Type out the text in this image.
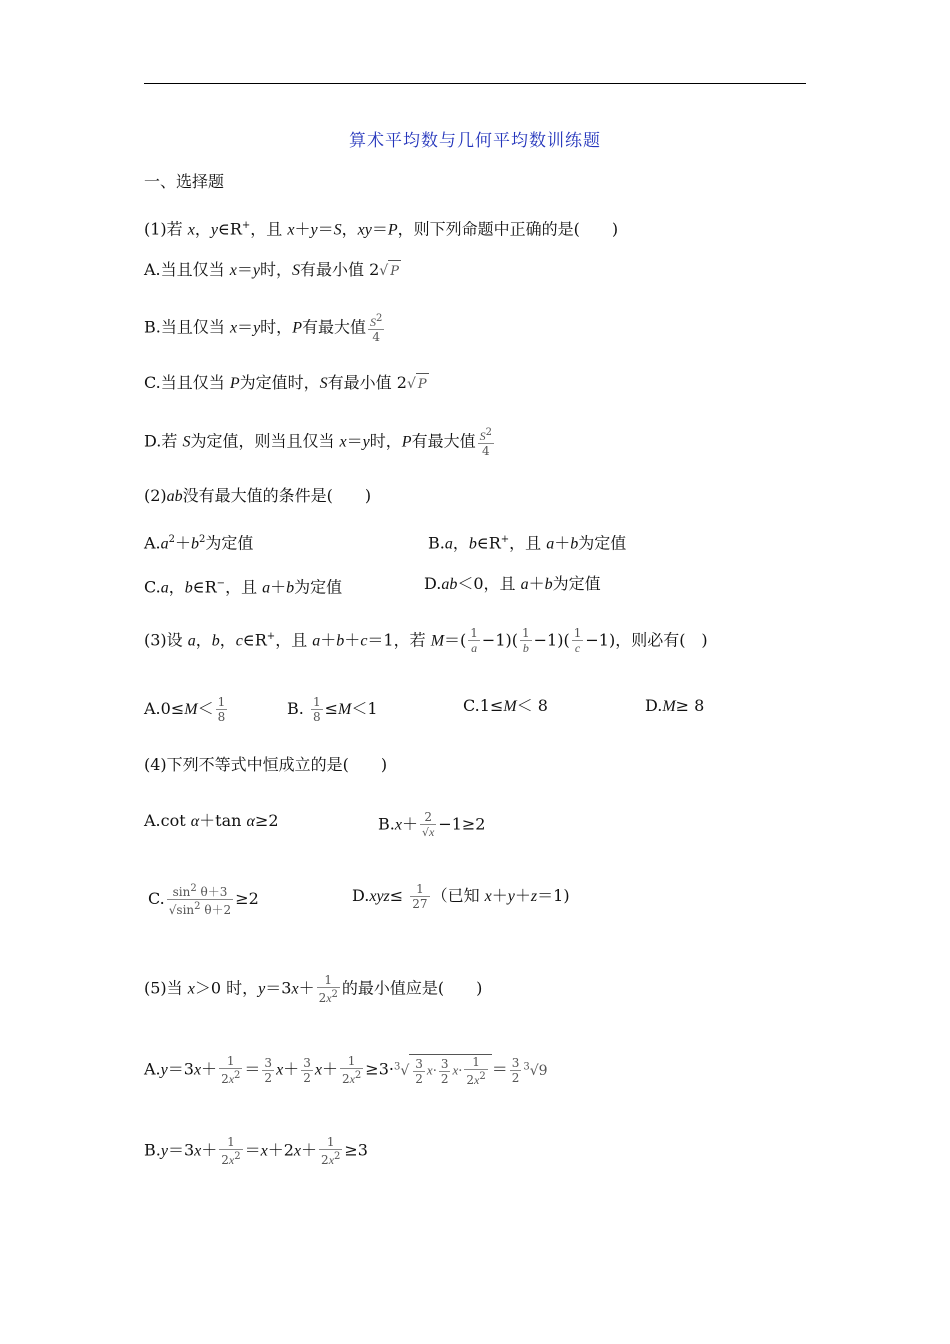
算术平均数与几何平均数训练题
一、选择题
(1)若 x，y∈R+，且 x＋y＝S，xy＝P，则下列命题中正确的是(　　)
A.当且仅当 x＝y时，S有最小值 2√ P
B.当且仅当 x＝y时，P有最大值 $\frac{S^2}{4}$
C.当且仅当 P为定值时，S有最小值 2√ P
D.若 S为定值，则当且仅当 x＝y时，P有最大值 $\frac{S^2}{4}$
(2)ab没有最大值的条件是(　　)
$A.a^2+b^2$为定值	B.a，b∈R+，且 a＋b为定值
C.a，b∈R−，且 a＋b为定值	D.ab＜0，且 a＋b为定值
(3)设 a，b，c∈R+，且 a＋b＋c＝1，若 $M=( \frac{1}{a} -1)( \frac{1}{b} -1)( \frac{1}{c} -1)$，则必有(　)
$A.0\le M< \frac{1}{8}$	B. $\frac{1}{8} \le M<1$	C.1≤M＜ 8	D.M≥ 8
(4)下列不等式中恒成立的是(　　)
A.cot α＋tan α≥2	$B.x+ \frac{2}{√x} -1\ge 2$
C. $\frac{\sin^2 \theta+3}{√\sin^2 \theta+2} \ge 2$	$D.xyz\le \frac{1}{27}$ （已知 x＋y＋z＝1)
(5)当 x＞0 时，$y=3x+ \frac{1}{2x^2}$ 的最小值应是(　　)
$A.y=3x+ \frac{1}{2x^2} = \frac{3}{2} x+ \frac{3}{2} x+ \frac{1}{2x^2} \ge 3\cdot^3√ \frac{3}{2} x\cdot \frac{3}{2} x\cdot \frac{1}{2x^2} = \frac{3}{2} ^3√9$
$B.y=3x+ \frac{1}{2x^2} =x+2x+ \frac{1}{2x^2} \ge 3$
